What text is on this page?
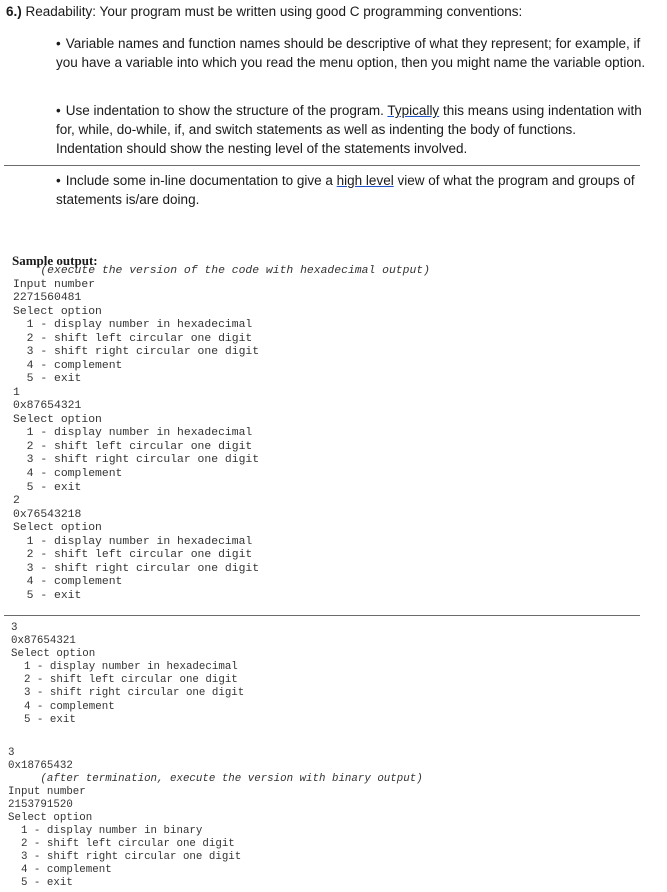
6.) Readability: Your program must be written using good C programming conventions:
• Variable names and function names should be descriptive of what they represent; for example, if you have a variable into which you read the menu option, then you might name the variable option.
• Use indentation to show the structure of the program. Typically this means using indentation with for, while, do-while, if, and switch statements as well as indenting the body of functions. Indentation should show the nesting level of the statements involved.
• Include some in-line documentation to give a high level view of what the program and groups of statements is/are doing.
Sample output:
(execute the version of the code with hexadecimal output)
Input number
2271560481
Select option
1 - display number in hexadecimal
2 - shift left circular one digit
3 - shift right circular one digit
4 - complement
5 - exit
1
0x87654321
Select option
1 - display number in hexadecimal
2 - shift left circular one digit
3 - shift right circular one digit
4 - complement
5 - exit
2
0x76543218
Select option
1 - display number in hexadecimal
2 - shift left circular one digit
3 - shift right circular one digit
4 - complement
5 - exit
3
0x87654321
Select option
1 - display number in hexadecimal
2 - shift left circular one digit
3 - shift right circular one digit
4 - complement
5 - exit
3
0x18765432
(after termination, execute the version with binary output)
Input number
2153791520
Select option
1 - display number in binary
2 - shift left circular one digit
3 - shift right circular one digit
4 - complement
5 - exit
